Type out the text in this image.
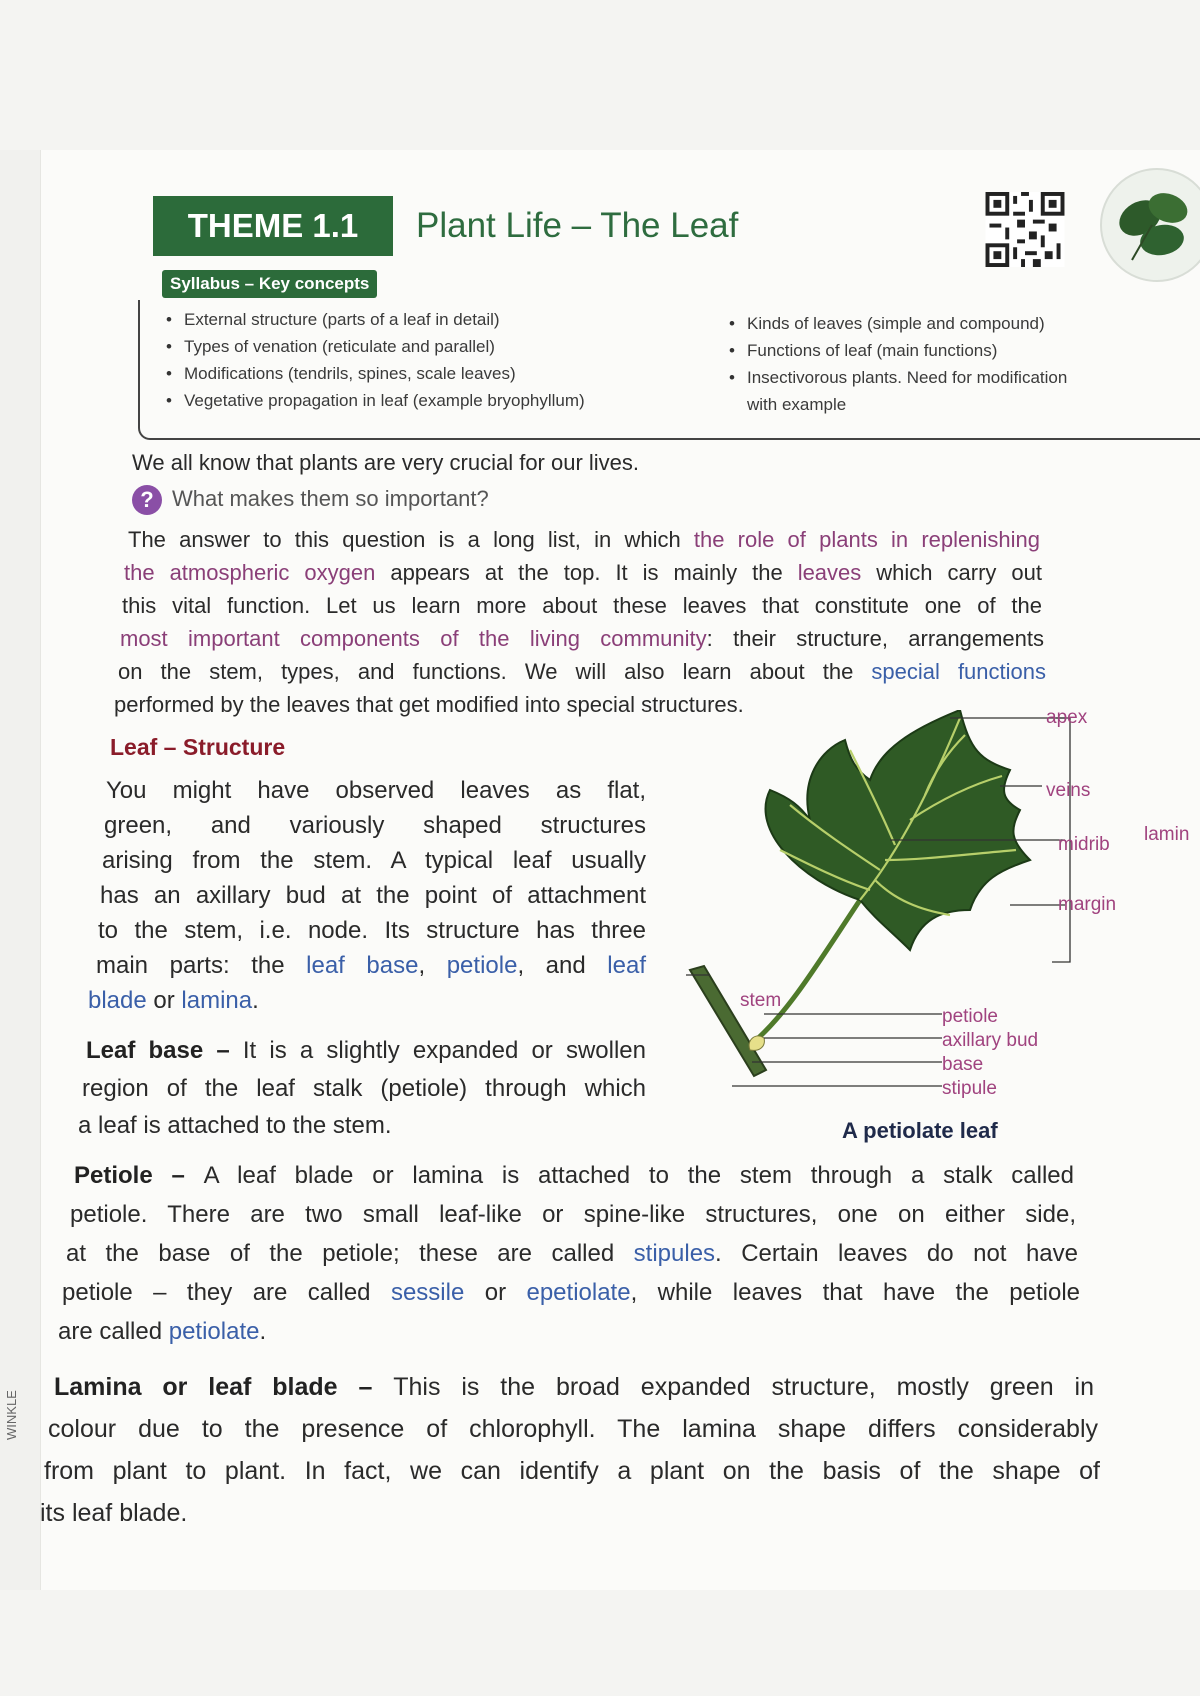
THEME 1.1	Plant Life – The Leaf
Syllabus – Key concepts
• External structure (parts of a leaf in detail)
• Types of venation (reticulate and parallel)
• Modifications (tendrils, spines, scale leaves)
• Vegetative propagation in leaf (example bryophyllum)
• Kinds of leaves (simple and compound)
• Functions of leaf (main functions)
• Insectivorous plants. Need for modification
with example
We all know that plants are very crucial for our lives.
? What makes them so important?
The answer to this question is a long list, in which the role of plants in replenishing
the atmospheric oxygen appears at the top. It is mainly the leaves which carry out
this vital function. Let us learn more about these leaves that constitute one of the
most important components of the living community: their structure, arrangements
on the stem, types, and functions. We will also learn about the special functions
performed by the leaves that get modified into special structures.
Leaf – Structure
You might have observed leaves as flat,
green, and variously shaped structures
arising from the stem. A typical leaf usually
has an axillary bud at the point of attachment
to the stem, i.e. node. Its structure has three
main parts: the leaf base, petiole, and leaf
blade or lamina.
Leaf base – It is a slightly expanded or swollen
region of the leaf stalk (petiole) through which
a leaf is attached to the stem.
apex
veins
midrib
margin
lamin
stem
petiole
axillary bud
base
stipule
A petiolate leaf
Petiole – A leaf blade or lamina is attached to the stem through a stalk called
petiole. There are two small leaf-like or spine-like structures, one on either side,
at the base of the petiole; these are called stipules. Certain leaves do not have
petiole – they are called sessile or epetiolate, while leaves that have the petiole
are called petiolate.
Lamina or leaf blade – This is the broad expanded structure, mostly green in
colour due to the presence of chlorophyll. The lamina shape differs considerably
from plant to plant. In fact, we can identify a plant on the basis of the shape of
its leaf blade.
WINKLE
